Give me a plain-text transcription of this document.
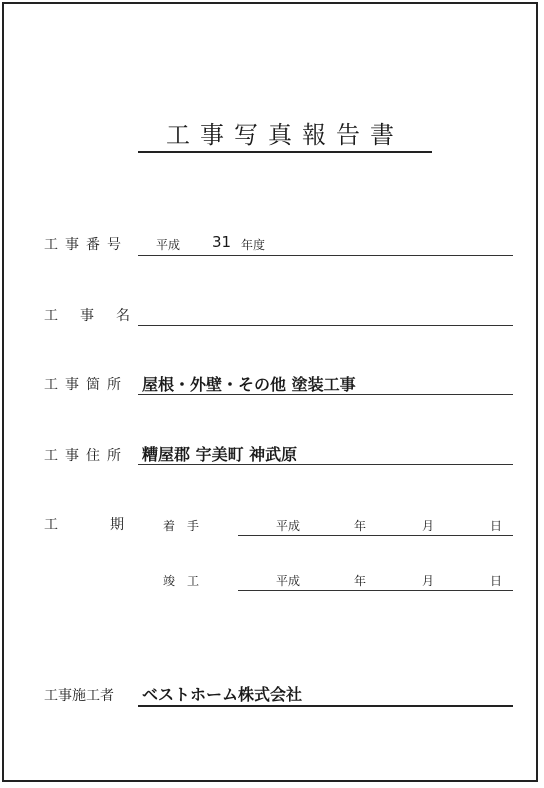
工事写真報告書
工事番号 平成 31 年度
工　事　名
工事箇所 屋根・外壁・その他 塗装工事
工事住所 糟屋郡 宇美町 神武原
工　　期	着　手	平成	年	月	日
竣　工	平成	年	月	日
工事施工者 ベストホーム株式会社
